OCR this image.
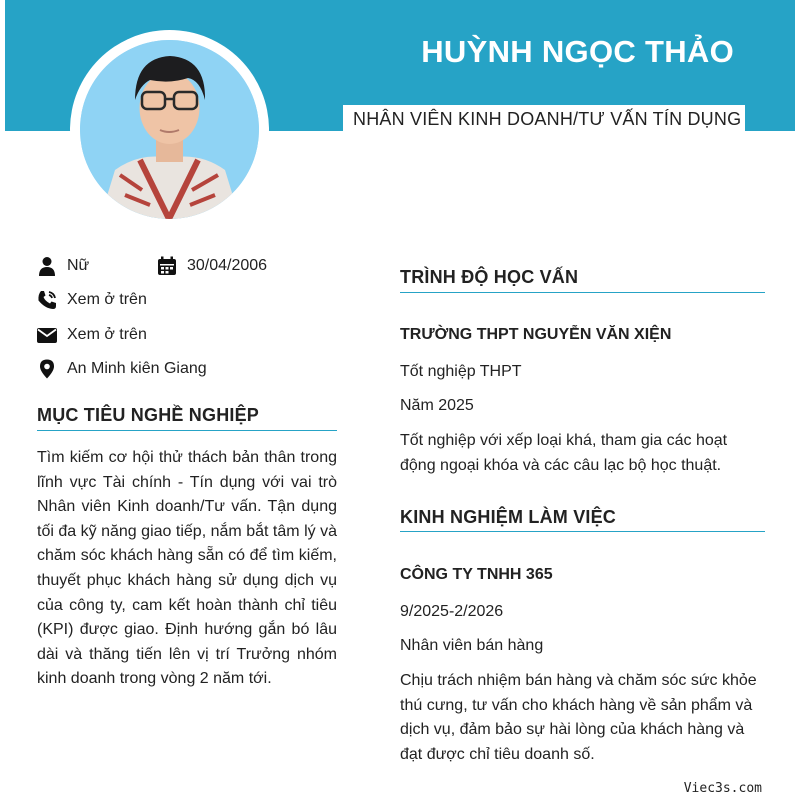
HUỲNH NGỌC THẢO
NHÂN VIÊN KINH DOANH/TƯ VẤN TÍN DỤNG
Nữ	30/04/2006
Xem ở trên
Xem ở trên
An Minh kiên Giang
MỤC TIÊU NGHỀ NGHIỆP
Tìm kiếm cơ hội thử thách bản thân trong lĩnh vực Tài chính - Tín dụng với vai trò Nhân viên Kinh doanh/Tư vấn. Tận dụng tối đa kỹ năng giao tiếp, nắm bắt tâm lý và chăm sóc khách hàng sẵn có để tìm kiếm, thuyết phục khách hàng sử dụng dịch vụ của công ty, cam kết hoàn thành chỉ tiêu (KPI) được giao. Định hướng gắn bó lâu dài và thăng tiến lên vị trí Trưởng nhóm kinh doanh trong vòng 2 năm tới.
TRÌNH ĐỘ HỌC VẤN
TRƯỜNG THPT NGUYỄN VĂN XIỆN
Tốt nghiệp THPT
Năm 2025
Tốt nghiệp với xếp loại khá, tham gia các hoạt động ngoại khóa và các câu lạc bộ học thuật.
KINH NGHIỆM LÀM VIỆC
CÔNG TY TNHH 365
9/2025-2/2026
Nhân viên bán hàng
Chịu trách nhiệm bán hàng và chăm sóc sức khỏe thú cưng, tư vấn cho khách hàng về sản phẩm và dịch vụ, đảm bảo sự hài lòng của khách hàng và đạt được chỉ tiêu doanh số.
Viec3s.com
